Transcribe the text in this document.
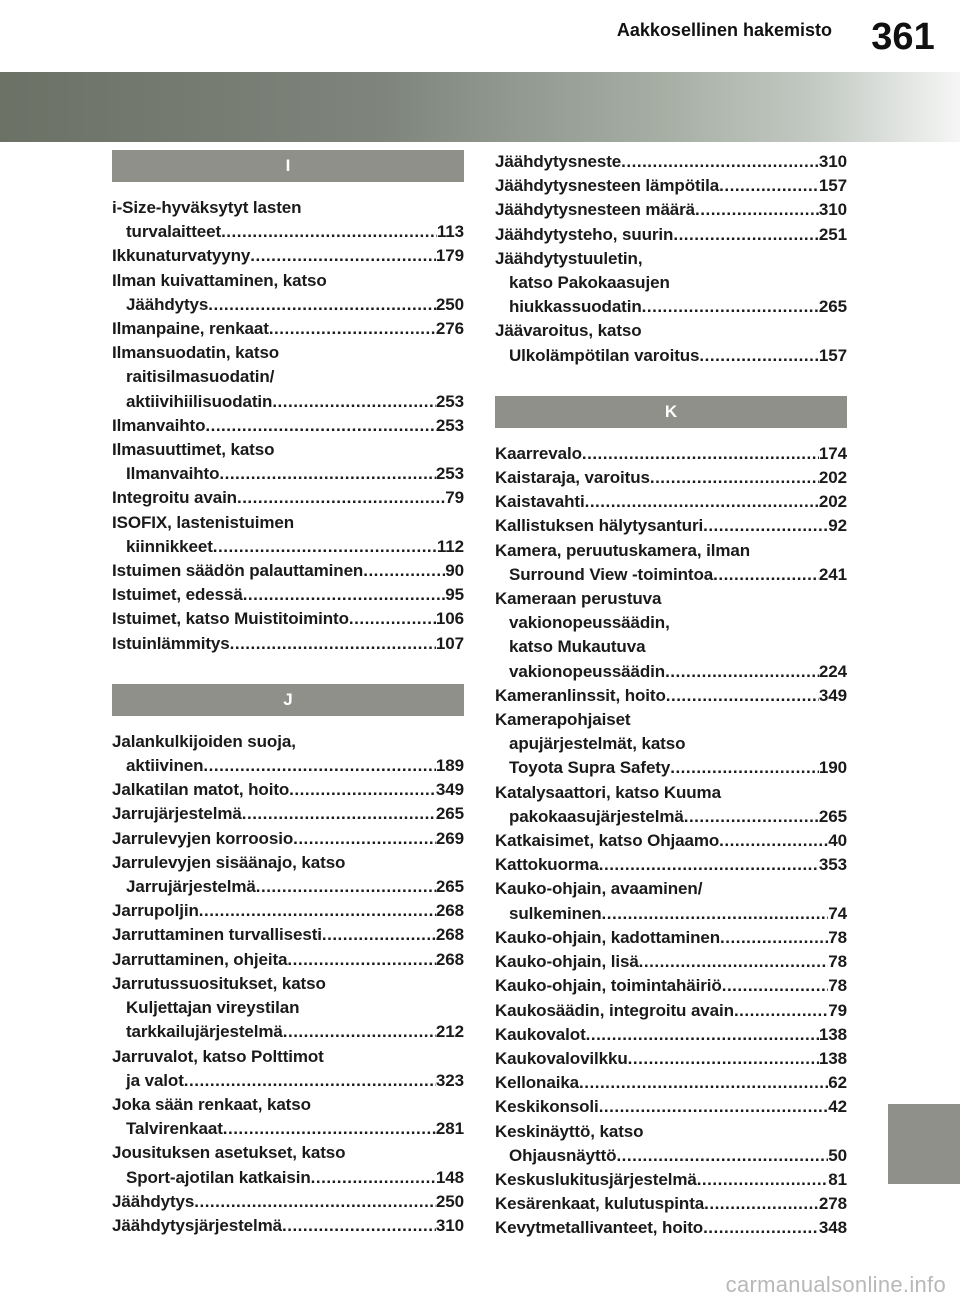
361
Aakkosellinen hakemisto
I
i-Size-hyväksytyt lasten
turvalaitteet .....	113
Ikkunaturvatyyny .....	179
Ilman kuivattaminen, katso
Jäähdytys .....	250
Ilmanpaine, renkaat .....	276
Ilmansuodatin, katso
raitisilmasuodatin/
aktiivihiilisuodatin .....	253
Ilmanvaihto .....	253
Ilmasuuttimet, katso
Ilmanvaihto .....	253
Integroitu avain .....	79
ISOFIX, lastenistuimen
kiinnikkeet .....	112
Istuimen säädön palauttaminen .....	90
Istuimet, edessä .....	95
Istuimet, katso Muistitoiminto .....	106
Istuinlämmitys .....	107
J
Jalankulkijoiden suoja,
aktiivinen .....	189
Jalkatilan matot, hoito .....	349
Jarrujärjestelmä .....	265
Jarrulevyjen korroosio .....	269
Jarrulevyjen sisäänajo, katso
Jarrujärjestelmä .....	265
Jarrupoljin .....	268
Jarruttaminen turvallisesti .....	268
Jarruttaminen, ohjeita .....	268
Jarrutussuositukset, katso
Kuljettajan vireystilan
tarkkailujärjestelmä .....	212
Jarruvalot, katso Polttimot
ja valot .....	323
Joka sään renkaat, katso
Talvirenkaat .....	281
Jousituksen asetukset, katso
Sport-ajotilan katkaisin .....	148
Jäähdytys .....	250
Jäähdytysjärjestelmä .....	310
Jäähdytysneste .....	310
Jäähdytysnesteen lämpötila .....	157
Jäähdytysnesteen määrä .....	310
Jäähdytysteho, suurin .....	251
Jäähdytystuuletin,
katso Pakokaasujen
hiukkassuodatin .....	265
Jäävaroitus, katso
Ulkolämpötilan varoitus .....	157
K
Kaarrevalo .....	174
Kaistaraja, varoitus .....	202
Kaistavahti .....	202
Kallistuksen hälytysanturi .....	92
Kamera, peruutuskamera, ilman
Surround View -toimintoa .....	241
Kameraan perustuva
vakionopeussäädin,
katso Mukautuva
vakionopeussäädin .....	224
Kameranlinssit, hoito .....	349
Kamerapohjaiset
apujärjestelmät, katso
Toyota Supra Safety .....	190
Katalysaattori, katso Kuuma
pakokaasujärjestelmä .....	265
Katkaisimet, katso Ohjaamo .....	40
Kattokuorma .....	353
Kauko-ohjain, avaaminen/
sulkeminen .....	74
Kauko-ohjain, kadottaminen .....	78
Kauko-ohjain, lisä .....	78
Kauko-ohjain, toimintahäiriö .....	78
Kaukosäädin, integroitu avain .....	79
Kaukovalot .....	138
Kaukovalovilkku .....	138
Kellonaika .....	62
Keskikonsoli .....	42
Keskinäyttö, katso
Ohjausnäyttö .....	50
Keskuslukitusjärjestelmä .....	81
Kesärenkaat, kulutuspinta .....	278
Kevytmetallivanteet, hoito .....	348
carmanualsonline.info
